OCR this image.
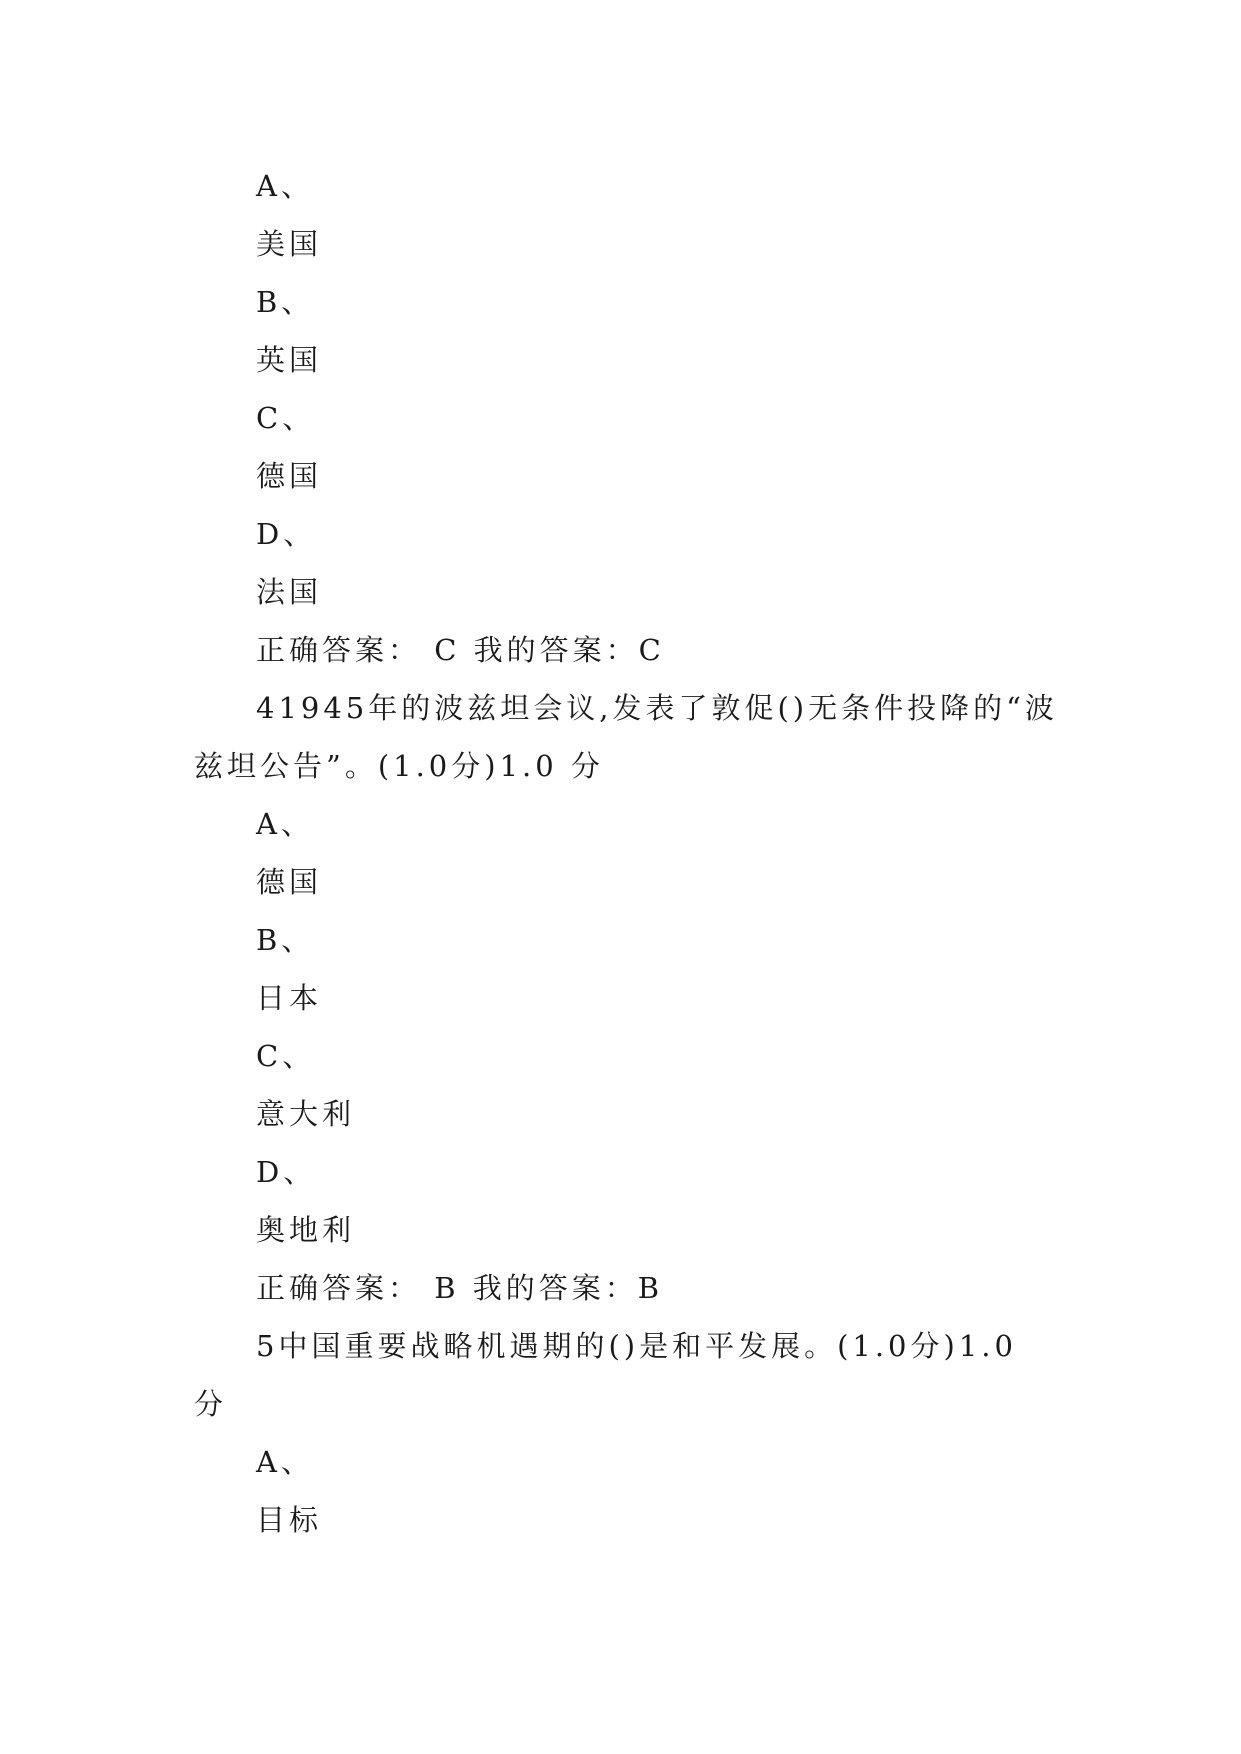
A、
美国
B、
英国
C、
德国
D、
法国
正确答案： C 我的答案：C
41945年的波兹坦会议,发表了敦促()无条件投降的“波
兹坦公告”。(1.0分)1.0 分
A、
德国
B、
日本
C、
意大利
D、
奥地利
正确答案： B 我的答案：B
5中国重要战略机遇期的()是和平发展。(1.0分)1.0
分
A、
目标
